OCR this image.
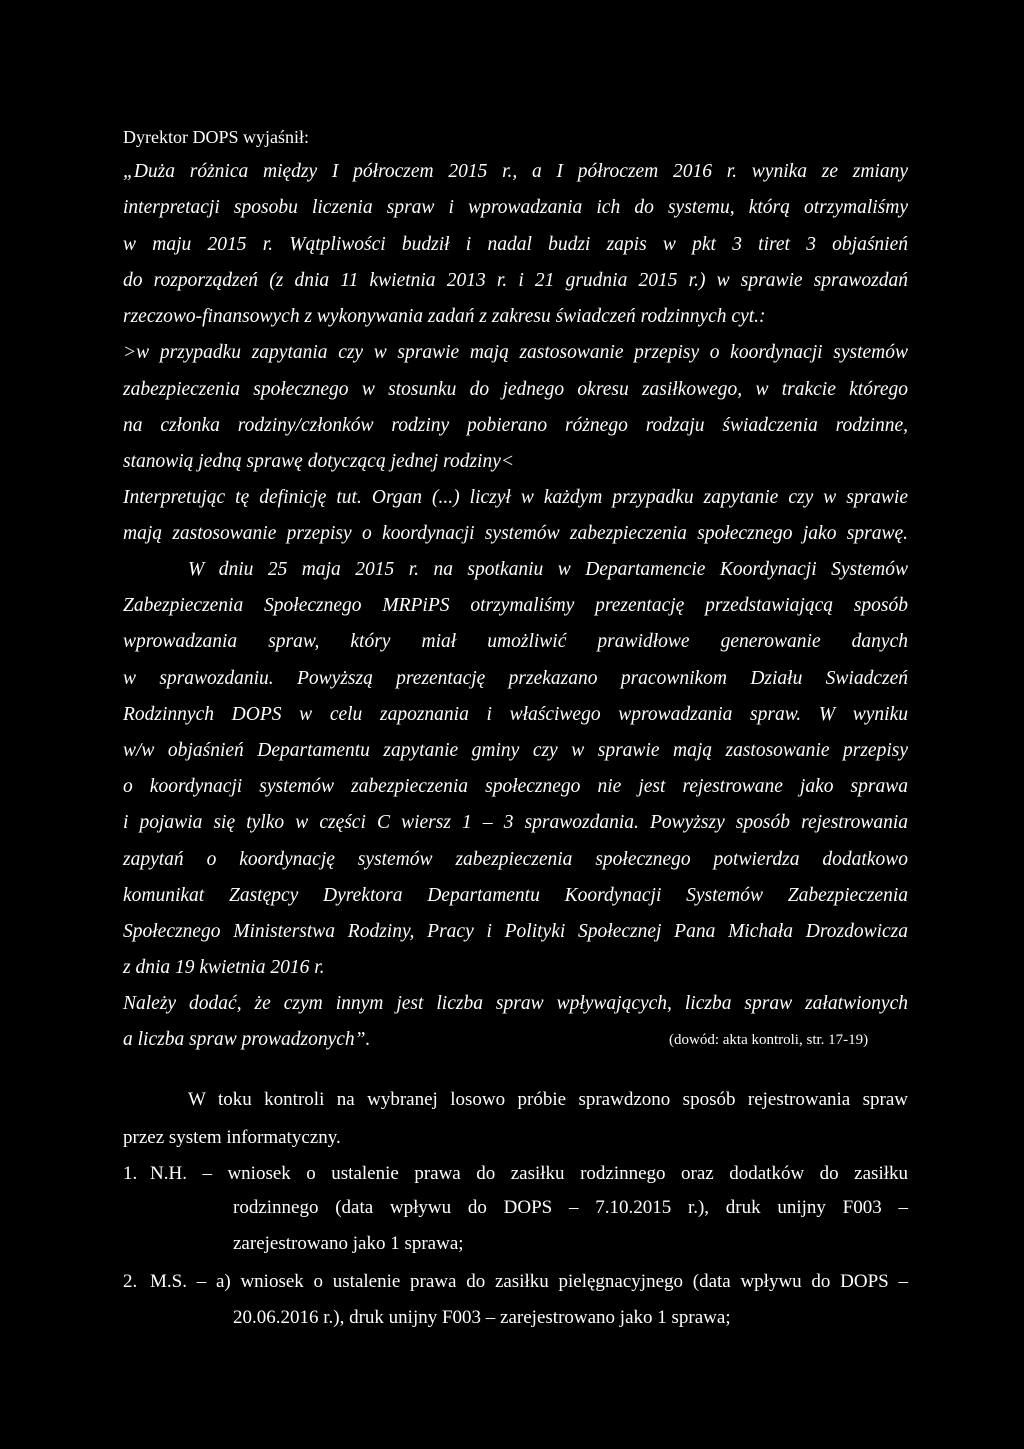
Dyrektor DOPS wyjaśnił:
„Duża różnica między I półroczem 2015 r., a I półroczem 2016 r. wynika ze zmiany
interpretacji sposobu liczenia spraw i wprowadzania ich do systemu, którą otrzymaliśmy
w maju 2015 r. Wątpliwości budził i nadal budzi zapis w pkt 3 tiret 3 objaśnień
do rozporządzeń (z dnia 11 kwietnia 2013 r. i 21 grudnia 2015 r.) w sprawie sprawozdań
rzeczowo-finansowych z wykonywania zadań z zakresu świadczeń rodzinnych cyt.:
>w przypadku zapytania czy w sprawie mają zastosowanie przepisy o koordynacji systemów
zabezpieczenia społecznego w stosunku do jednego okresu zasiłkowego, w trakcie którego
na członka rodziny/członków rodziny pobierano różnego rodzaju świadczenia rodzinne,
stanowią jedną sprawę dotyczącą jednej rodziny<
Interpretując tę definicję tut. Organ (...) liczył w każdym przypadku zapytanie czy w sprawie
mają zastosowanie przepisy o koordynacji systemów zabezpieczenia społecznego jako sprawę.
W dniu 25 maja 2015 r. na spotkaniu w Departamencie Koordynacji Systemów
Zabezpieczenia Społecznego MRPiPS otrzymaliśmy prezentację przedstawiającą sposób
wprowadzania spraw, który miał umożliwić prawidłowe generowanie danych
w sprawozdaniu. Powyższą prezentację przekazano pracownikom Działu Swiadczeń
Rodzinnych DOPS w celu zapoznania i właściwego wprowadzania spraw. W wyniku
w/w objaśnień Departamentu zapytanie gminy czy w sprawie mają zastosowanie przepisy
o koordynacji systemów zabezpieczenia społecznego nie jest rejestrowane jako sprawa
i pojawia się tylko w części C wiersz 1 – 3 sprawozdania. Powyższy sposób rejestrowania
zapytań o koordynację systemów zabezpieczenia społecznego potwierdza dodatkowo
komunikat Zastępcy Dyrektora Departamentu Koordynacji Systemów Zabezpieczenia
Społecznego Ministerstwa Rodziny, Pracy i Polityki Społecznej Pana Michała Drozdowicza
z dnia 19 kwietnia 2016 r.
Należy dodać, że czym innym jest liczba spraw wpływających, liczba spraw załatwionych
a liczba spraw prowadzonych”.	(dowód: akta kontroli, str. 17-19)
W toku kontroli na wybranej losowo próbie sprawdzono sposób rejestrowania spraw
przez system informatyczny.
1. N.H. – wniosek o ustalenie prawa do zasiłku rodzinnego oraz dodatków do zasiłku
rodzinnego (data wpływu do DOPS – 7.10.2015 r.), druk unijny F003 –
zarejestrowano jako 1 sprawa;
2. M.S. – a) wniosek o ustalenie prawa do zasiłku pielęgnacyjnego (data wpływu do DOPS –
20.06.2016 r.), druk unijny F003 – zarejestrowano jako 1 sprawa;
